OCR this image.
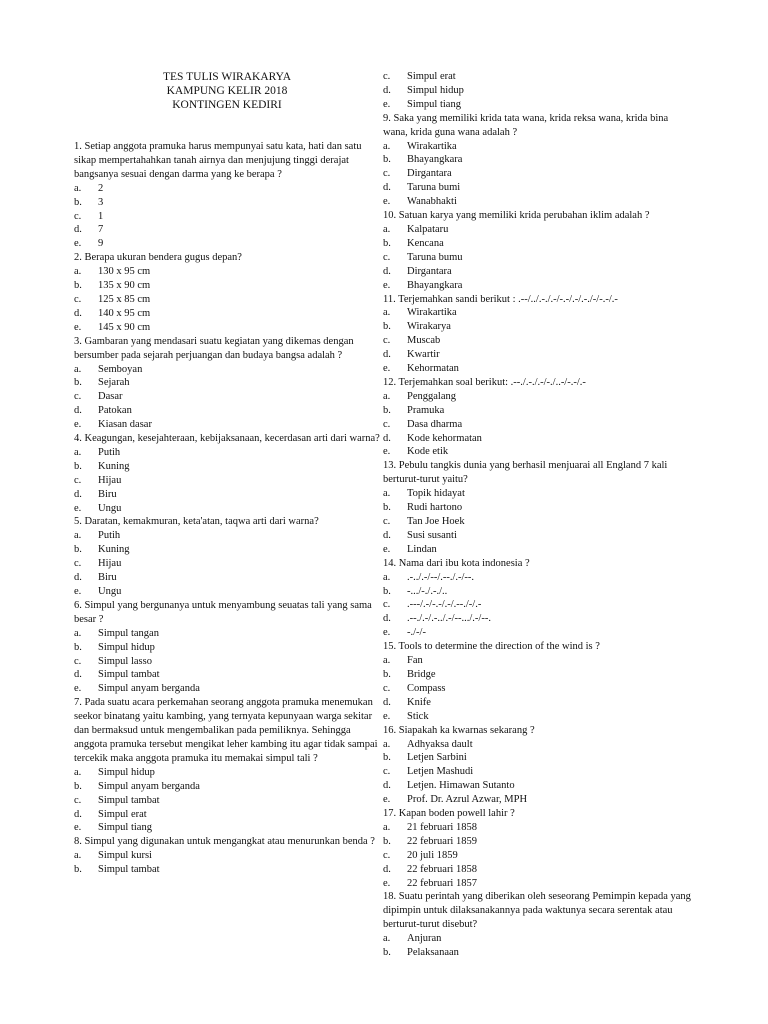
TES TULIS WIRAKARYA
KAMPUNG KELIR 2018
KONTINGEN KEDIRI
1. Setiap anggota pramuka harus mempunyai satu kata, hati dan satu sikap mempertahahkan tanah airnya dan menjujung tinggi derajat bangsanya sesuai dengan darma yang ke berapa ?
a. 2
b. 3
c. 1
d. 7
e. 9
2. Berapa ukuran bendera gugus depan?
a. 130 x 95 cm
b. 135 x 90 cm
c. 125 x 85 cm
d. 140 x 95 cm
e. 145 x 90 cm
3. Gambaran yang mendasari suatu kegiatan yang dikemas dengan bersumber pada sejarah perjuangan dan budaya bangsa adalah ?
a. Semboyan
b. Sejarah
c. Dasar
d. Patokan
e. Kiasan dasar
4. Keagungan, kesejahteraan, kebijaksanaan, kecerdasan arti dari warna?
a. Putih
b. Kuning
c. Hijau
d. Biru
e. Ungu
5. Daratan, kemakmuran, keta'atan, taqwa arti dari warna?
a. Putih
b. Kuning
c. Hijau
d. Biru
e. Ungu
6. Simpul yang bergunanya untuk menyambung seuatas tali yang sama besar ?
a. Simpul tangan
b. Simpul hidup
c. Simpul lasso
d. Simpul tambat
e. Simpul anyam berganda
7. Pada suatu acara perkemahan seorang anggota pramuka menemukan seekor binatang yaitu kambing, yang ternyata kepunyaan warga sekitar dan bermaksud untuk mengembalikan pada pemiliknya. Sehingga anggota pramuka tersebut mengikat leher kambing itu agar tidak sampai tercekik maka anggota pramuka itu memakai simpul tali ?
a. Simpul hidup
b. Simpul anyam berganda
c. Simpul tambat
d. Simpul erat
e. Simpul tiang
8. Simpul yang digunakan untuk mengangkat atau menurunkan benda ?
a. Simpul kursi
b. Simpul tambat
c. Simpul erat
d. Simpul hidup
e. Simpul tiang
9. Saka yang memiliki krida tata wana, krida reksa wana, krida bina wana, krida guna wana adalah ?
a. Wirakartika
b. Bhayangkara
c. Dirgantara
d. Taruna bumi
e. Wanabhakti
10. Satuan karya yang memiliki krida perubahan iklim adalah ?
a. Kalpataru
b. Kencana
c. Taruna bumu
d. Dirgantara
e. Bhayangkara
11. Terjemahkan sandi berikut : .--/../.-./.-/-.-/.-/.-./-/-.-/.-
a. Wirakartika
b. Wirakarya
c. Muscab
d. Kwartir
e. Kehormatan
12. Terjemahkan soal berikut: .--./.-./.-/-./..-/-.-/.-
a. Penggalang
b. Pramuka
c. Dasa dharma
d. Kode kehormatan
e. Kode etik
13. Pebulu tangkis dunia yang berhasil menjuarai all England 7 kali berturut-turut yaitu?
a. Topik hidayat
b. Rudi hartono
c. Tan Joe Hoek
d. Susi susanti
e. Lindan
14. Nama dari ibu kota indonesia ?
a. .-../.-/--/.--./.-/--.
b. -.../-./.-./..
c. .---/.-/-.-/.-/.--./-/.-
d. .--./.-/.-../.-/--.../.-/--.
e. -./-/-
15. Tools to determine the direction of the wind is ?
a. Fan
b. Bridge
c. Compass
d. Knife
e. Stick
16. Siapakah ka kwarnas sekarang ?
a. Adhyaksa dault
b. Letjen Sarbini
c. Letjen Mashudi
d. Letjen. Himawan Sutanto
e. Prof. Dr. Azrul Azwar, MPH
17. Kapan boden powell lahir ?
a. 21 februari 1858
b. 22 februari 1859
c. 20 juli 1859
d. 22 februari 1858
e. 22 februari 1857
18. Suatu perintah yang diberikan oleh seseorang Pemimpin kepada yang dipimpin untuk dilaksanakannya pada waktunya secara serentak atau berturut-turut disebut?
a. Anjuran
b. Pelaksanaan
